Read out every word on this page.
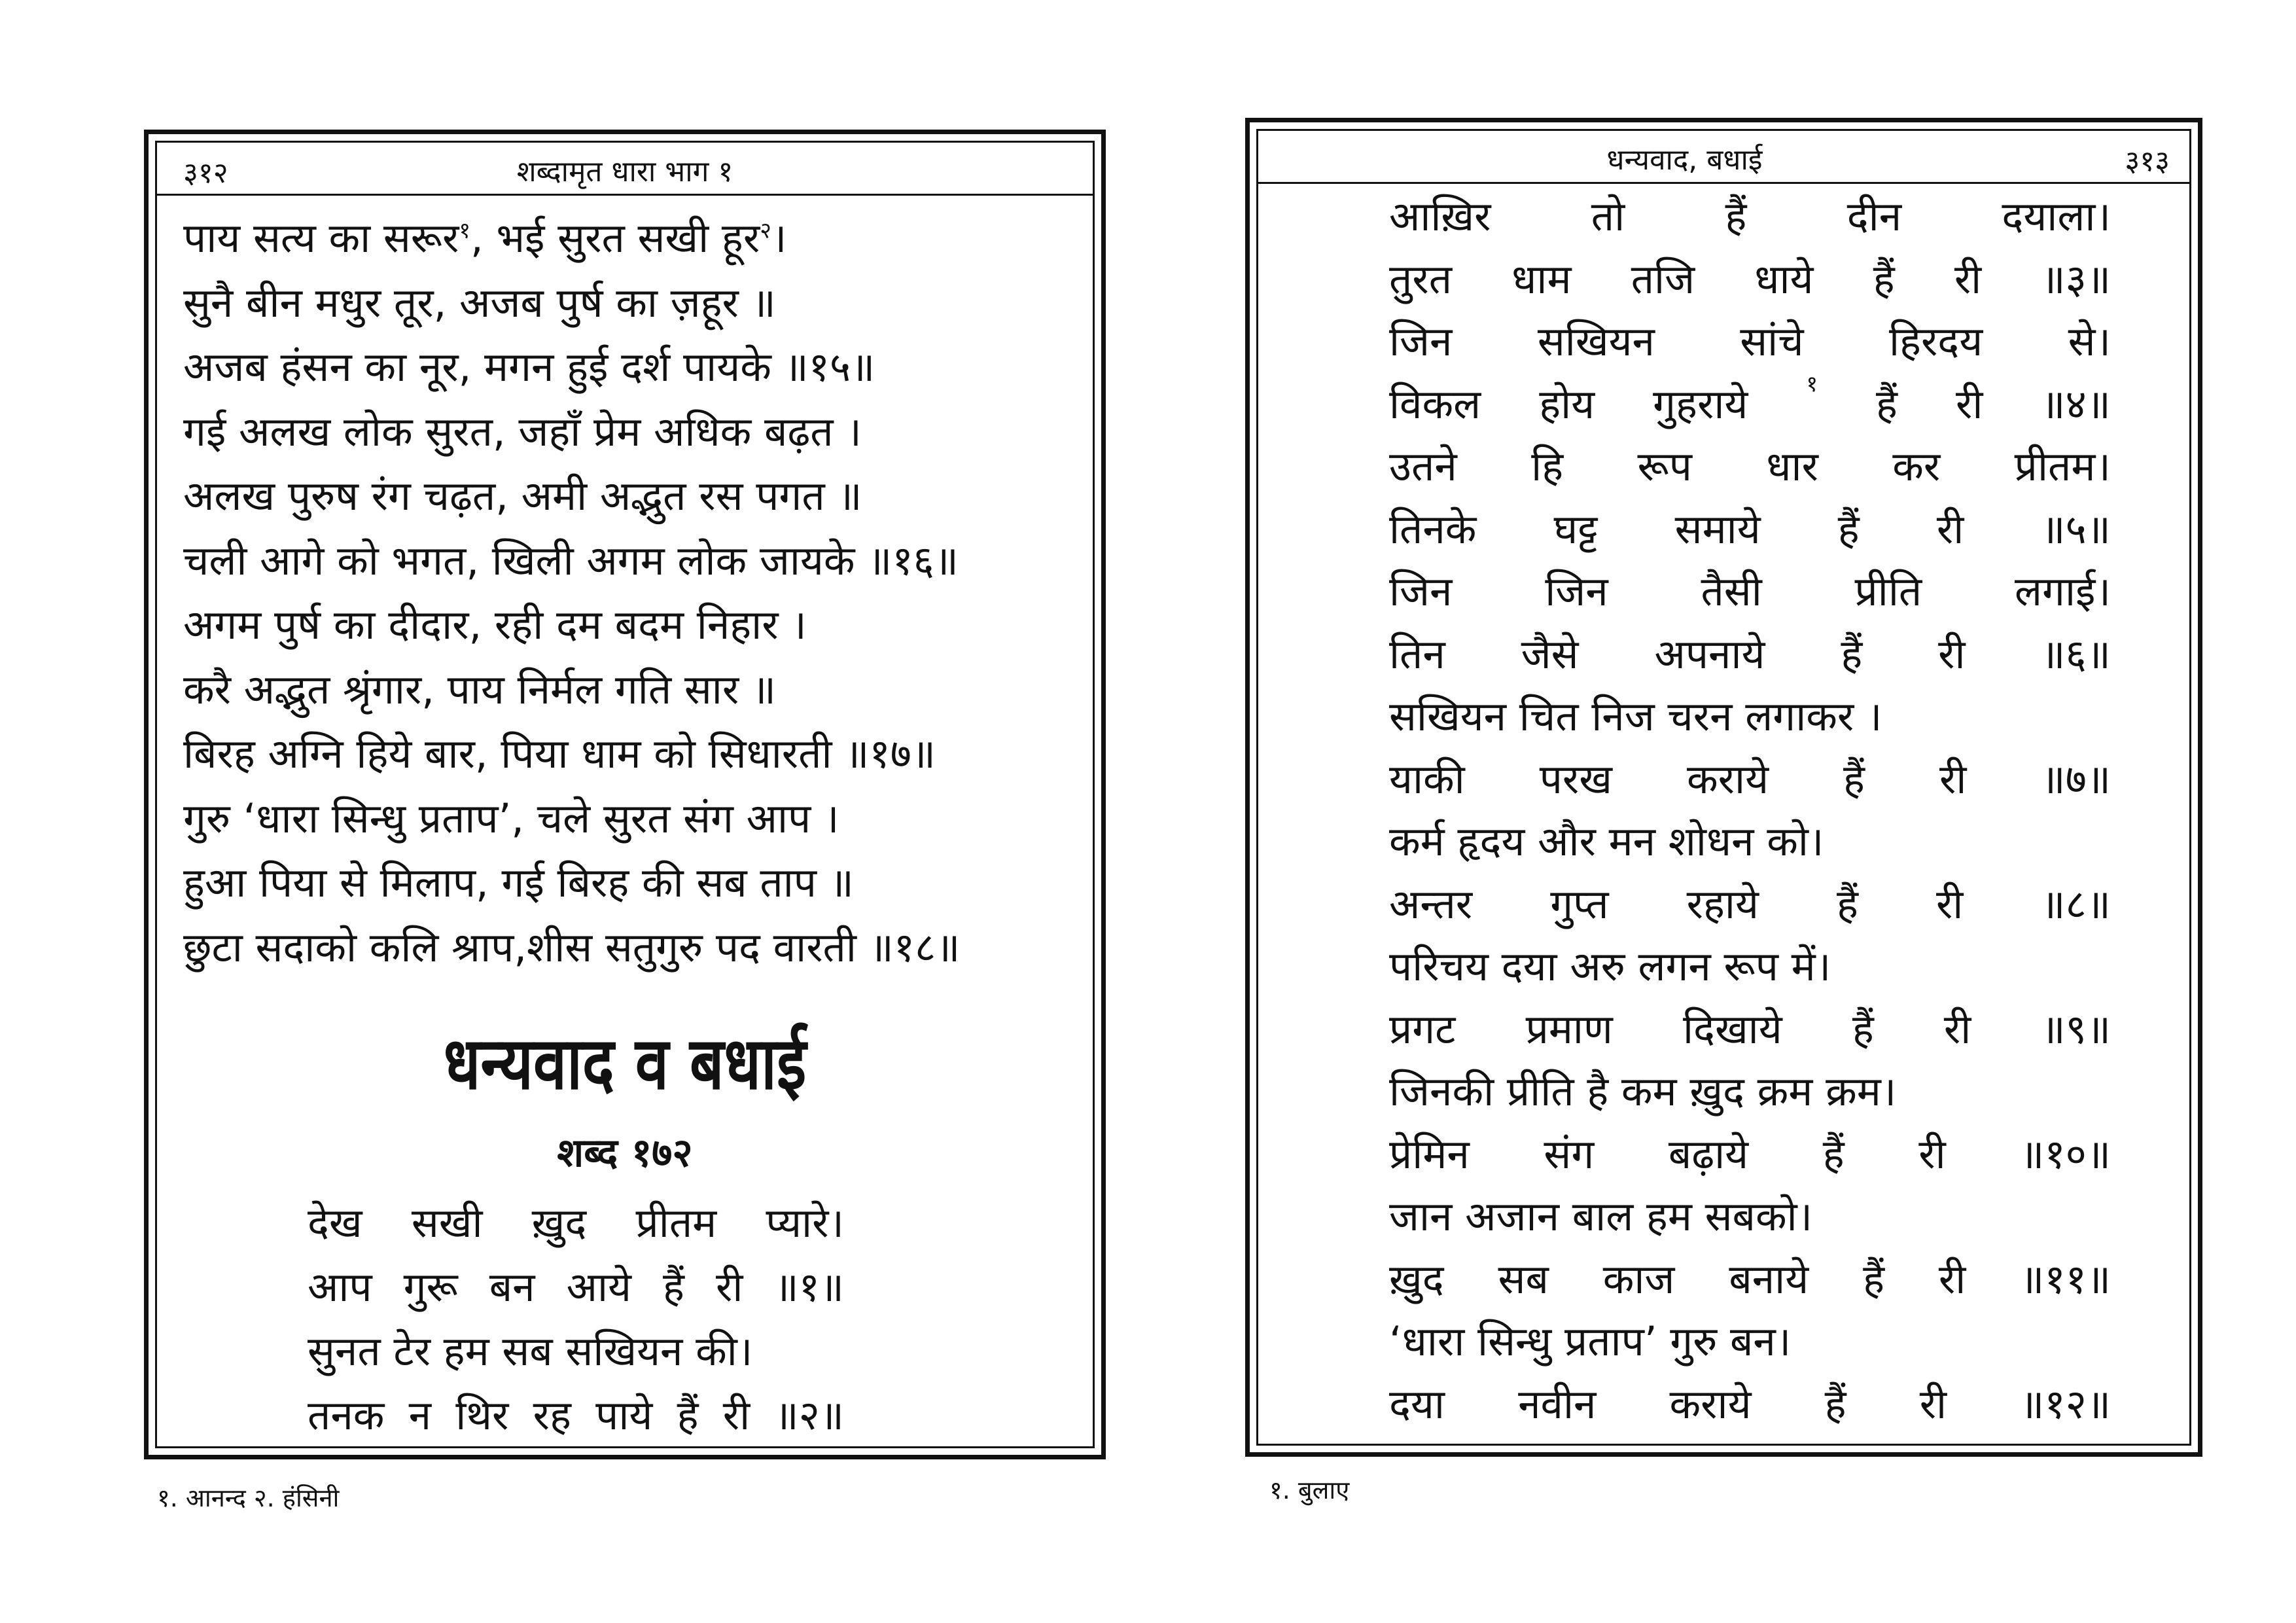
३१२	शब्दामृत धारा भाग १
पाय सत्य का सरूर$^१$, भई सुरत सखी हूर$^२$।
सुनै बीन मधुर तूर, अजब पुर्ष का ज़हूर ॥
अजब हंसन का नूर, मगन हुई दर्श पायके ॥१५॥
गई अलख लोक सुरत, जहाँ प्रेम अधिक बढ़त ।
अलख पुरुष रंग चढ़त, अमी अद्भुत रस पगत ॥
चली आगे को भगत, खिली अगम लोक जायके ॥१६॥
अगम पुर्ष का दीदार, रही दम बदम निहार ।
करै अद्भुत श्रृंगार, पाय निर्मल गति सार ॥
बिरह अग्नि हिये बार, पिया धाम को सिधारती ॥१७॥
गुरु ‘धारा सिन्धु प्रताप’, चले सुरत संग आप ।
हुआ पिया से मिलाप, गई बिरह की सब ताप ॥
छुटा सदाको कलि श्राप,शीस सतुगुरु पद वारती ॥१८॥
धन्यवाद व बधाई
शब्द १७२
देख सखी ख़ुद प्रीतम प्यारे।
आप गुरू बन आये हैं री ॥१॥
सुनत टेर हम सब सखियन की।
तनक न थिर रह पाये हैं री ॥२॥
१. आनन्द २. हंसिनी
धन्यवाद, बधाई	३१३
आख़िर तो हैं दीन दयाला।
तुरत धाम तजि धाये हैं री ॥३॥
जिन सखियन सांचे हिरदय से।
विकल होय गुहराये	१ हैं री ॥४॥
उतने हि रूप धार कर प्रीतम।
तिनके घट्ट समाये हैं री ॥५॥
जिन जिन तैसी प्रीति लगाई।
तिन जैसे अपनाये हैं री ॥६॥
सखियन चित निज चरन लगाकर ।
याकी परख कराये हैं री ॥७॥
कर्म हृदय और मन शोधन को।
अन्तर गुप्त रहाये हैं री ॥८॥
परिचय दया अरु लगन रूप में।
प्रगट प्रमाण दिखाये हैं री ॥९॥
जिनकी प्रीति है कम ख़ुद क्रम क्रम।
प्रेमिन संग बढ़ाये हैं री ॥१०॥
जान अजान बाल हम सबको।
ख़ुद सब काज बनाये हैं री ॥११॥
‘धारा सिन्धु प्रताप’ गुरु बन।
दया नवीन कराये हैं री ॥१२॥
१. बुलाए
